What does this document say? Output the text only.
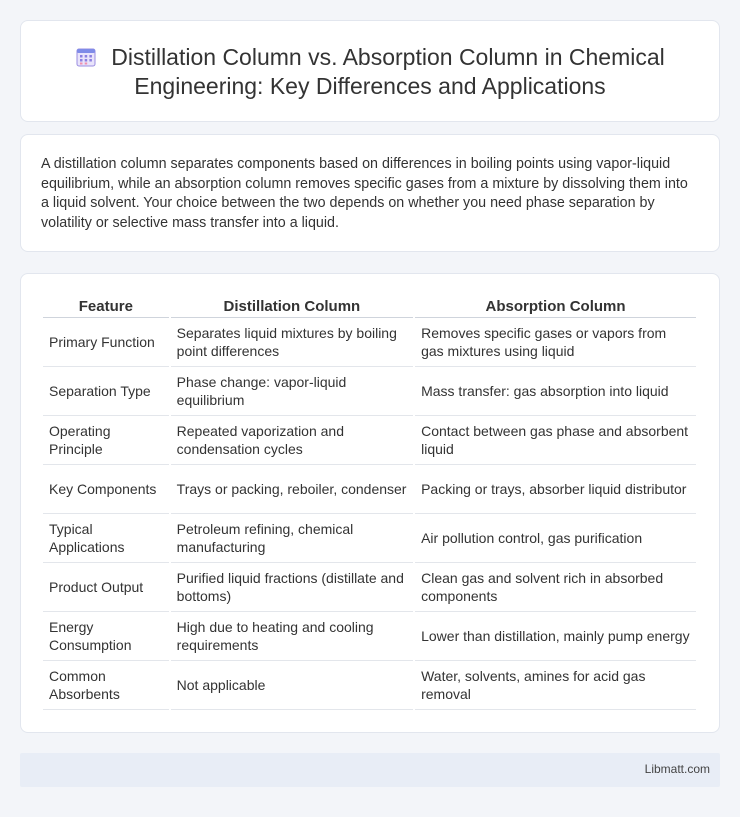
Distillation Column vs. Absorption Column in Chemical Engineering: Key Differences and Applications

A distillation column separates components based on differences in boiling points using vapor-liquid equilibrium, while an absorption column removes specific gases from a mixture by dissolving them into a liquid solvent. Your choice between the two depends on whether you need phase separation by volatility or selective mass transfer into a liquid.

Feature	Distillation Column	Absorption Column
Primary Function	Separates liquid mixtures by boiling point differences	Removes specific gases or vapors from gas mixtures using liquid
Separation Type	Phase change: vapor-liquid equilibrium	Mass transfer: gas absorption into liquid
Operating Principle	Repeated vaporization and condensation cycles	Contact between gas phase and absorbent liquid
Key Components	Trays or packing, reboiler, condenser	Packing or trays, absorber liquid distributor
Typical Applications	Petroleum refining, chemical manufacturing	Air pollution control, gas purification
Product Output	Purified liquid fractions (distillate and bottoms)	Clean gas and solvent rich in absorbed components
Energy Consumption	High due to heating and cooling requirements	Lower than distillation, mainly pump energy
Common Absorbents	Not applicable	Water, solvents, amines for acid gas removal
Libmatt.com
